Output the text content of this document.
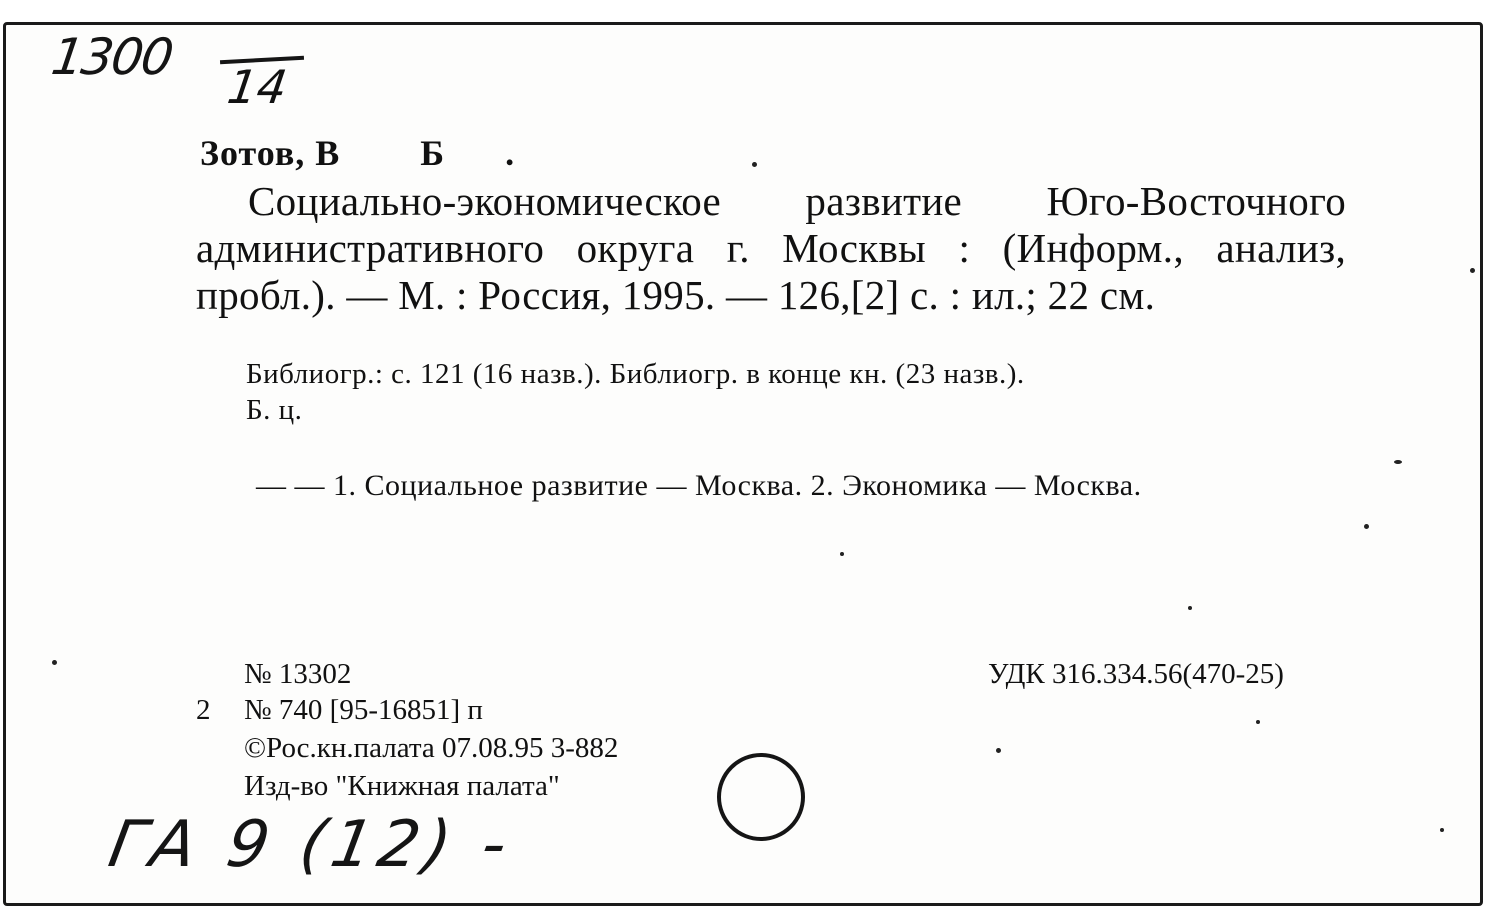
1300
14
Зотов, В        Б      .
Социально-экономическое развитие Юго-Восточного административного округа г. Москвы : (Информ., анализ, пробл.). — М. : Россия, 1995. — 126,[2] с. : ил.; 22 см.
Библиогр.: с. 121 (16 назв.). Библиогр. в конце кн. (23 назв.).
Б. ц.
— — 1. Социальное развитие — Москва. 2. Экономика — Москва.
№ 13302
2 № 740 [95-16851] п
©Рос.кн.палата 07.08.95 3-882
Изд-во "Книжная палата"
УДК 316.334.56(470-25)
ГА 9 (12) -
